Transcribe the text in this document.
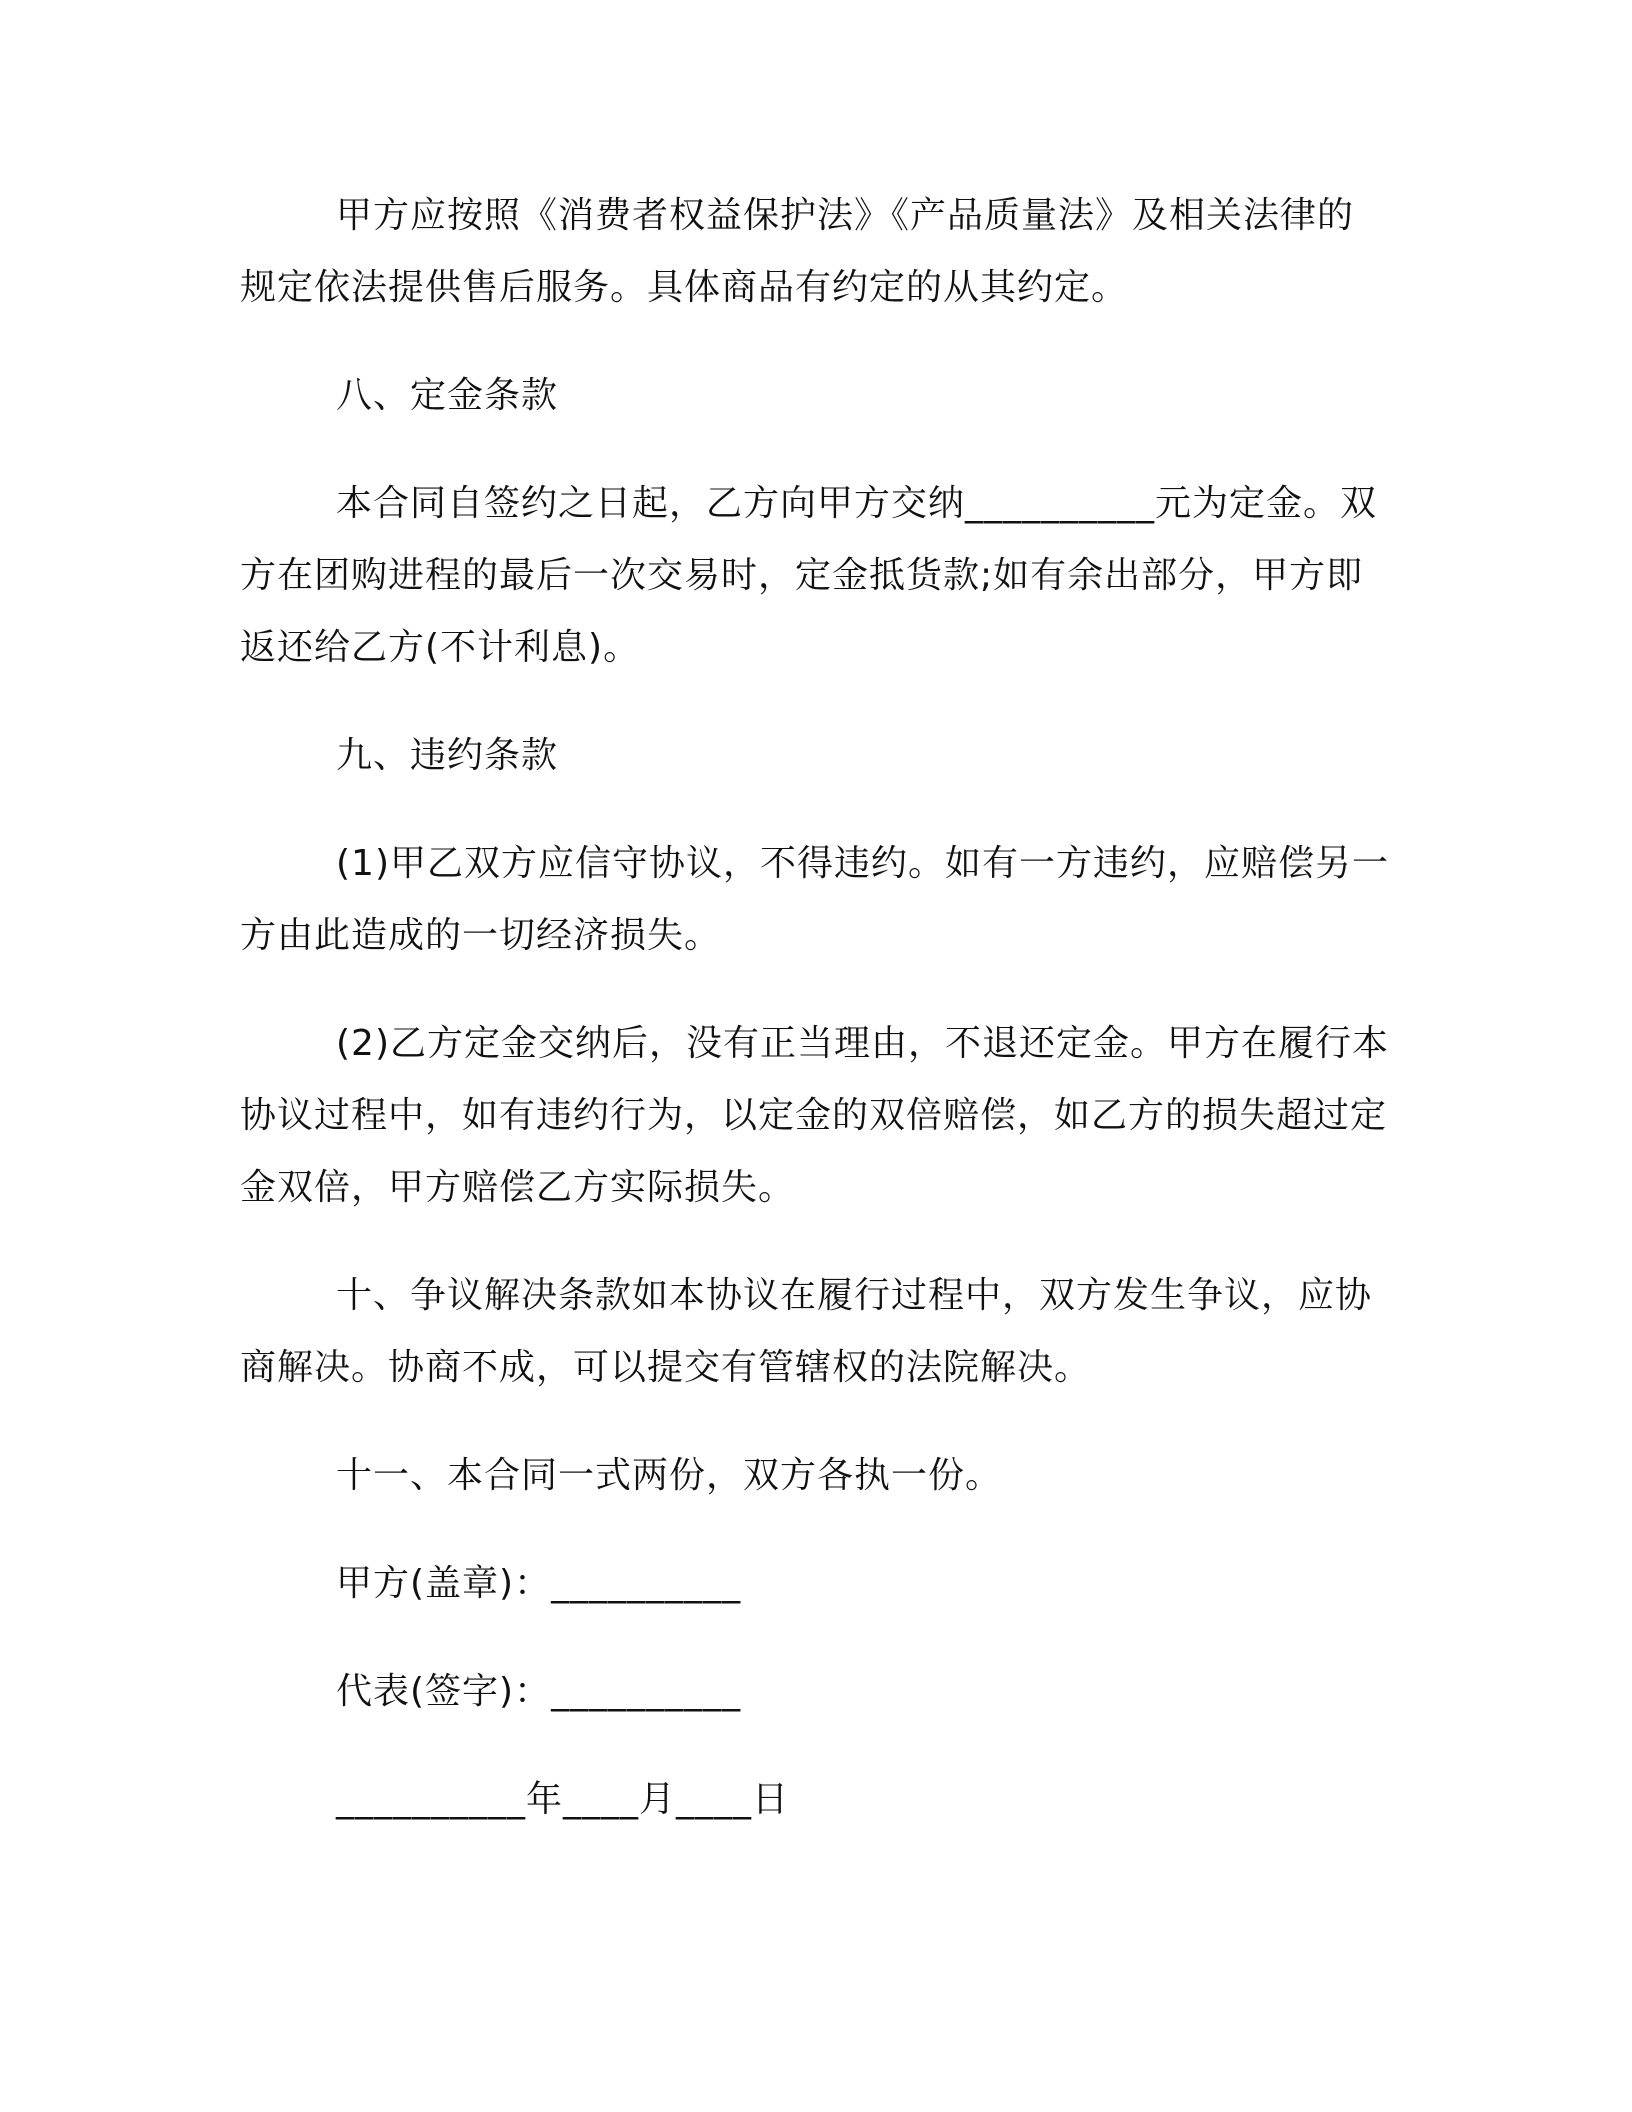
甲方应按照《消费者权益保护法》《产品质量法》及相关法律的规定依法提供售后服务。具体商品有约定的从其约定。

八、定金条款

本合同自签约之日起，乙方向甲方交纳__________元为定金。双方在团购进程的最后一次交易时，定金抵货款;如有余出部分，甲方即返还给乙方(不计利息)。

九、违约条款

(1)甲乙双方应信守协议，不得违约。如有一方违约，应赔偿另一方由此造成的一切经济损失。

(2)乙方定金交纳后，没有正当理由，不退还定金。甲方在履行本协议过程中，如有违约行为，以定金的双倍赔偿，如乙方的损失超过定金双倍，甲方赔偿乙方实际损失。

十、争议解决条款如本协议在履行过程中，双方发生争议，应协商解决。协商不成，可以提交有管辖权的法院解决。

十一、本合同一式两份，双方各执一份。
甲方(盖章)：__________
代表(签字)：__________
__________年____月____日
